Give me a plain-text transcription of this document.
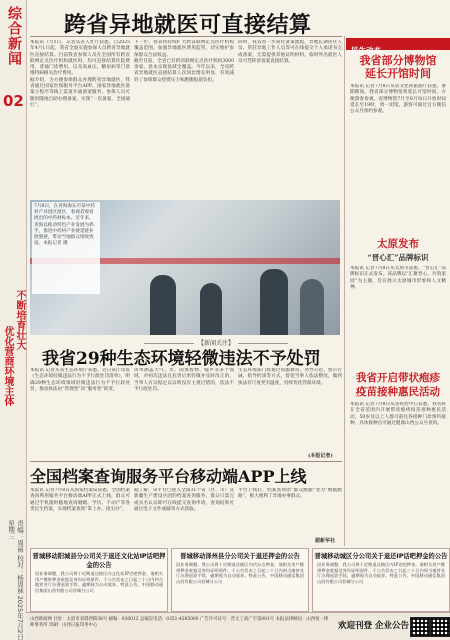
综合新闻
02
不断培育壮大
优化营商环境主体
责编：周丽 校对：杨周林 2025年7月2日 星期三
跨省异地就医可直接结算

本报讯 7月1日，记者从省人社厅获悉，自2025年4月1日起，我省全面实施参保人员跨省异地就医直接结算。目前我省参保人员在全国所有跨省联网定点医疗机构就医时，均可直接结算住院费用、普通门诊费用，以及高血压、糖尿病等门诊慢特病相关治疗费用。

据介绍，为方便参保群众办理跨省异地就医，我省通过国家医保服务平台APP、国家异地就医备案小程序等线上渠道开通备案服务，参保人员可随时随地自助办理备案，实现“一次备案、全国通行”。

下一步，我省将持续扩大跨省联网定点医疗机构覆盖范围，加强异地就医费用监管，切实维护参保群众合法权益。

截至目前，全省已有跨省联网定点医疗机构3000余家，基本实现县域全覆盖。今年以来，全省跨省异地就医直接结算人次同比增长明显，有效减轻了参保群众垫资压力和跑腿报销负担。

同时，我省进一步简化备案流程，异地长期居住人员、常驻异地工作人员等可在线提交个人承诺书完成备案，无需提供其他证明材料。临时外出就医人员可凭转诊备案直接结算。

7月8日，在青海海东市某中药材产业园区展区，参观者观看展出的中药材标本。近年来，青海以推动特色产业发展为抓手，推进中药材产业链延链补链强链，带动当地群众增收致富。本报记者 摄
【新闻关注】
我省29种生态环境轻微违法不予处罚

本报讯 记者从省生态环境厅获悉，近日该厅印发《生态环境轻微违法行为不予行政处罚清单》，明确29种生态环境领域轻微违法行为不予行政处罚，推动执法由“管理型”向“服务型”转变。

清单涵盖大气、水、固体废物、噪声等多个领域，对初次违法且危害后果轻微并及时改正的、当事人有证据足以证明没有主观过错的，依法不予行政处罚。

生态环境部门将通过说服教育、劝导示范、警示告诫、指导约谈等方式，督促当事人依法整改，做到执法有尺度更有温度，持续优化营商环境。

(本报记者)
全国档案查询服务平台移动端APP上线

本报讯 记者7月8日从国家档案局获悉，全国档案查询利用服务平台移动端APP正式上线，群众可通过手机随时随地查询婚姻、学历、不动产等各类民生档案，实现档案查询“掌上办、指尖办”。

据了解，该平台已接入全国31个省（区、市）及新疆生产建设兵团的档案查询服务，群众只需完成实名认证即可在线提交查询申请，查询结果可通过电子文件或邮寄方式获取。

平台上线后，档案查询由“群众跑腿”变为“数据跑路”，极大便利了异地办事群众。

据新华社
民生动态
我省部分博物馆
延长开馆时间

本报讯 记者7月8日从省文化和旅游厅获悉，暑期期间，我省部分博物馆将延长开馆时间，方便游客参观。省博物馆7月至8月每日开放时间延长至19时，周一闭馆，游客可通过官方微信公众号预约参观。

太原发布
“晋心汇”品牌标识

本报讯 记者7月8日从太原市获悉，“晋心汇”品牌标识正式发布。该品牌以“汇聚晋心、共筑家园”为主题，旨在展示太原城市形象和人文精神。

我省开启带状疱疹
疫苗接种惠民活动

本报讯 记者7月8日从省疾控中心获悉，我省将在全省范围内开展带状疱疹疫苗接种惠民活动，50岁及以上人群可前往各接种门诊预约接种，具体接种点可通过健康山西公众号查询。

晋城移动阳城县分公司关于退还文化站IP话吧押金的公告
因业务调整，我公司将于近期退还辖区内文化站IP话吧押金。请相关用户携带押金收据及身份证明原件，于公告发布之日起三十日内到当地营业厅办理退款手续，逾期视为自动放弃。特此公告。中国移动通信集团山西有限公司晋城分公司
晋城移动泽州县分公司关于退还押金的公告
因业务调整，我公司将于近期退还辖区内代办点押金。请相关用户携带押金收据及身份证明原件，于公告发布之日起三十日内到当地营业厅办理退款手续，逾期视为自动放弃。特此公告。中国移动通信集团山西有限公司晋城分公司
晋城移动城区分公司关于退还IP话吧押金的公告
因业务调整，我公司将于近期退还辖区内IP话吧押金。请相关用户携带押金收据及身份证明原件，于公告发布之日起三十日内到当地营业厅办理退款手续，逾期视为自动放弃。特此公告。中国移动通信集团山西有限公司晋城分公司
山西新闻网 社址：太原市双塔西街38号 邮编：030012 总编室电话：0351-4285000 广告许可证号：晋太工商广字第001号 本报法律顾问：山西恒一律师事务所 印刷：山西日报印务中心	欢迎刊登 企业公告
